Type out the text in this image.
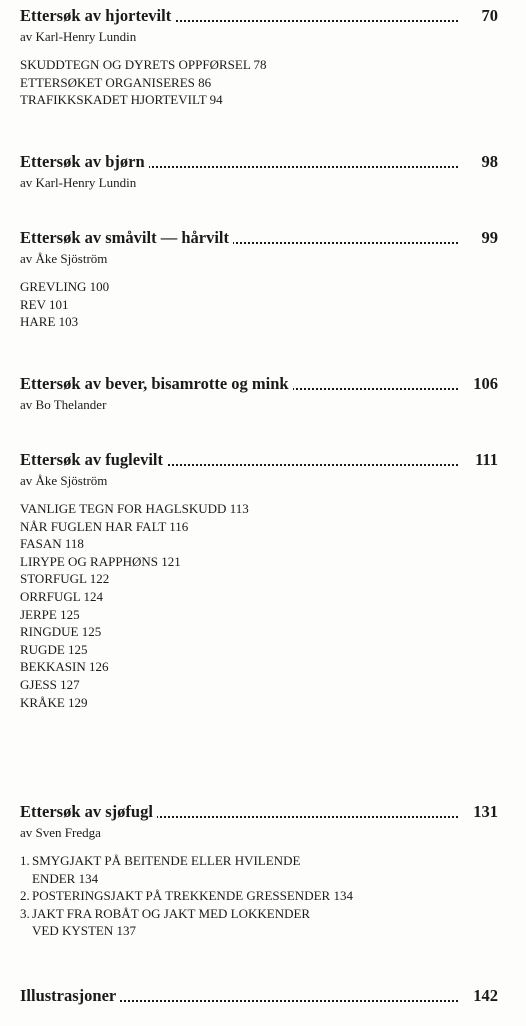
Ettersøk av hjortevilt	70
av Karl-Henry Lundin
SKUDDTEGN OG DYRETS OPPFØRSEL 78
ETTERSØKET ORGANISERES 86
TRAFIKKSKADET HJORTEVILT 94
Ettersøk av bjørn	98
av Karl-Henry Lundin
Ettersøk av småvilt — hårvilt	99
av Åke Sjöström
GREVLING 100
REV 101
HARE 103
Ettersøk av bever, bisamrotte og mink	106
av Bo Thelander
Ettersøk av fuglevilt	111
av Åke Sjöström
VANLIGE TEGN FOR HAGLSKUDD 113
NÅR FUGLEN HAR FALT 116
FASAN 118
LIRYPE OG RAPPHØNS 121
STORFUGL 122
ORRFUGL 124
JERPE 125
RINGDUE 125
RUGDE 125
BEKKASIN 126
GJESS 127
KRÅKE 129
Ettersøk av sjøfugl	131
av Sven Fredga
1. SMYGJAKT PÅ BEITENDE ELLER HVILENDE
ENDER 134
2. POSTERINGSJAKT PÅ TREKKENDE GRESSENDER 134
3. JAKT FRA ROBÅT OG JAKT MED LOKKENDER
VED KYSTEN 137
Illustrasjoner	142
